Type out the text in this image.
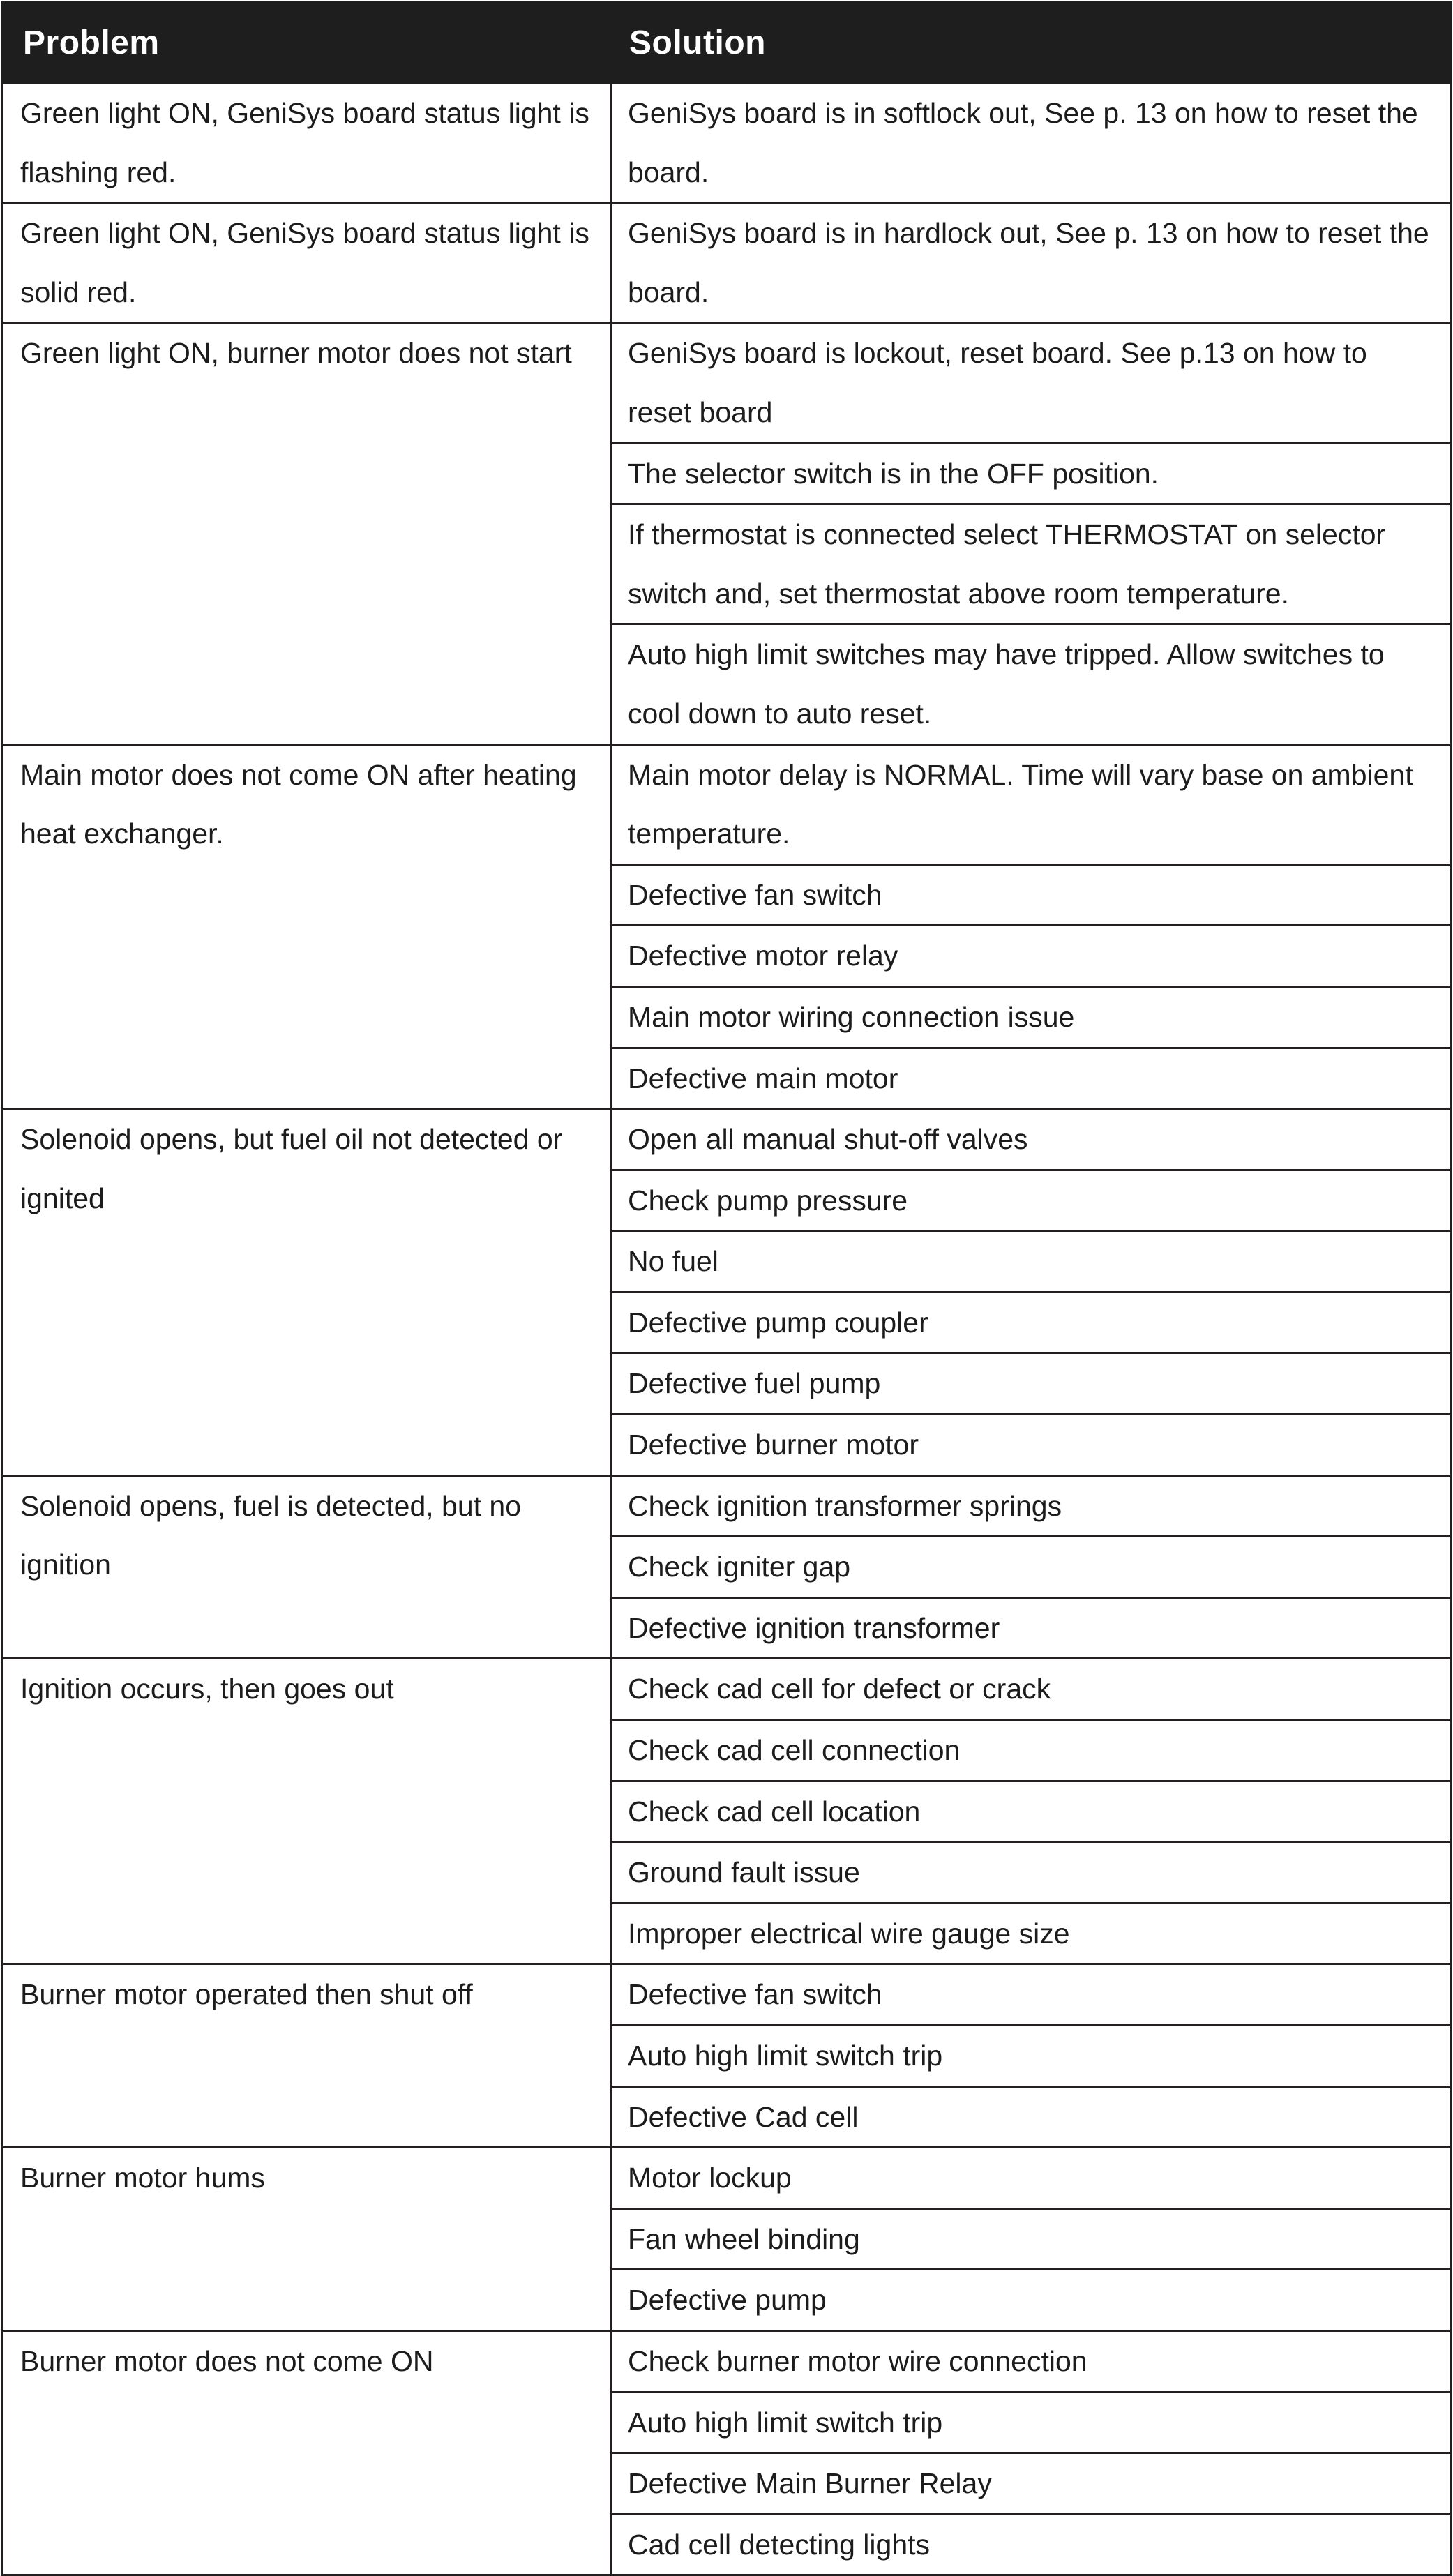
Problem	Solution
Green light ON, GeniSys board status light is flashing red.	GeniSys board is in softlock out, See p. 13 on how to reset the board.
Green light ON, GeniSys board status light is solid red.	GeniSys board is in hardlock out, See p. 13 on how to reset the board.
Green light ON, burner motor does not start	GeniSys board is lockout, reset board. See p.13 on how to reset board
	The selector switch is in the OFF position.
	If thermostat is connected select THERMOSTAT on selector switch and, set thermostat above room temperature.
	Auto high limit switches may have tripped. Allow switches to cool down to auto reset.
Main motor does not come ON after heating heat exchanger.	Main motor delay is NORMAL. Time will vary base on ambient temperature.
	Defective fan switch
	Defective motor relay
	Main motor wiring connection issue
	Defective main motor
Solenoid opens, but fuel oil not detected or ignited	Open all manual shut-off valves
	Check pump pressure
	No fuel
	Defective pump coupler
	Defective fuel pump
	Defective burner motor
Solenoid opens, fuel is detected, but no ignition	Check ignition transformer springs
	Check igniter gap
	Defective ignition transformer
Ignition occurs, then goes out	Check cad cell for defect or crack
	Check cad cell connection
	Check cad cell location
	Ground fault issue
	Improper electrical wire gauge size
Burner motor operated then shut off	Defective fan switch
	Auto high limit switch trip
	Defective Cad cell
Burner motor hums	Motor lockup
	Fan wheel binding
	Defective pump
Burner motor does not come ON	Check burner motor wire connection
	Auto high limit switch trip
	Defective Main Burner Relay
	Cad cell detecting lights
